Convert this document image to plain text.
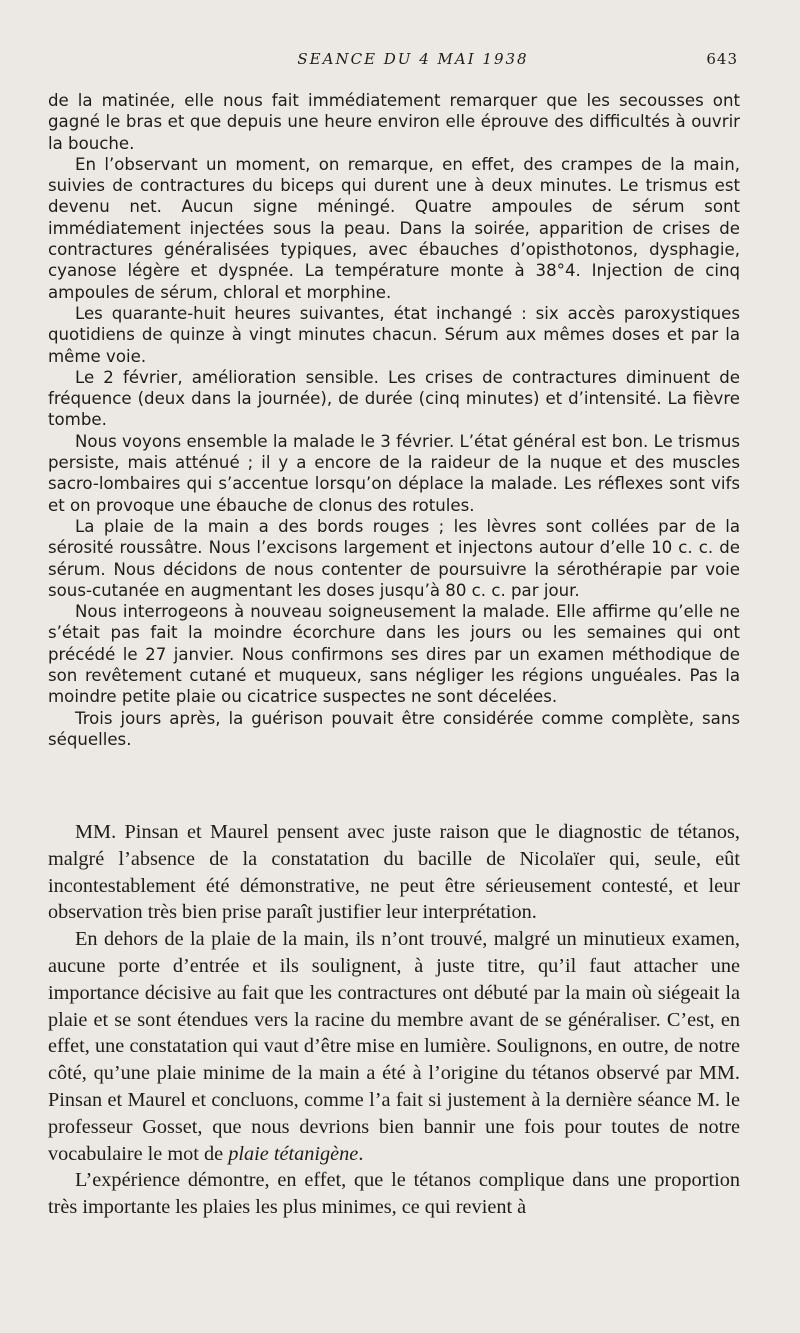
SEANCE DU 4 MAI 1938	643

de la matinée, elle nous fait immédiatement remarquer que les secousses ont gagné le bras et que depuis une heure environ elle éprouve des difficultés à ouvrir la bouche.

En l’observant un moment, on remarque, en effet, des crampes de la main, suivies de contractures du biceps qui durent une à deux minutes. Le trismus est devenu net. Aucun signe méningé. Quatre ampoules de sérum sont immédiatement injectées sous la peau. Dans la soirée, apparition de crises de contractures généralisées typiques, avec ébauches d’opisthotonos, dysphagie, cyanose légère et dyspnée. La température monte à 38°4. Injection de cinq ampoules de sérum, chloral et morphine.

Les quarante-huit heures suivantes, état inchangé : six accès paroxystiques quotidiens de quinze à vingt minutes chacun. Sérum aux mêmes doses et par la même voie.

Le 2 février, amélioration sensible. Les crises de contractures diminuent de fréquence (deux dans la journée), de durée (cinq minutes) et d’intensité. La fièvre tombe.

Nous voyons ensemble la malade le 3 février. L’état général est bon. Le trismus persiste, mais atténué ; il y a encore de la raideur de la nuque et des muscles sacro-lombaires qui s’accentue lorsqu’on déplace la malade. Les réflexes sont vifs et on provoque une ébauche de clonus des rotules.

La plaie de la main a des bords rouges ; les lèvres sont collées par de la sérosité roussâtre. Nous l’excisons largement et injectons autour d’elle 10 c. c. de sérum. Nous décidons de nous contenter de poursuivre la sérothérapie par voie sous-cutanée en augmentant les doses jusqu’à 80 c. c. par jour.

Nous interrogeons à nouveau soigneusement la malade. Elle affirme qu’elle ne s’était pas fait la moindre écorchure dans les jours ou les semaines qui ont précédé le 27 janvier. Nous confirmons ses dires par un examen méthodique de son revêtement cutané et muqueux, sans négliger les régions unguéales. Pas la moindre petite plaie ou cicatrice suspectes ne sont décelées.

Trois jours après, la guérison pouvait être considérée comme complète, sans séquelles.

MM. Pinsan et Maurel pensent avec juste raison que le diagnostic de tétanos, malgré l’absence de la constatation du bacille de Nicolaïer qui, seule, eût incontestablement été démonstrative, ne peut être sérieusement contesté, et leur observation très bien prise paraît justifier leur interprétation.

En dehors de la plaie de la main, ils n’ont trouvé, malgré un minutieux examen, aucune porte d’entrée et ils soulignent, à juste titre, qu’il faut attacher une importance décisive au fait que les contractures ont débuté par la main où siégeait la plaie et se sont étendues vers la racine du membre avant de se généraliser. C’est, en effet, une constatation qui vaut d’être mise en lumière. Soulignons, en outre, de notre côté, qu’une plaie minime de la main a été à l’origine du tétanos observé par MM. Pinsan et Maurel et concluons, comme l’a fait si justement à la dernière séance M. le professeur Gosset, que nous devrions bien bannir une fois pour toutes de notre vocabulaire le mot de plaie tétanigène.

L’expérience démontre, en effet, que le tétanos complique dans une proportion très importante les plaies les plus minimes, ce qui revient à
